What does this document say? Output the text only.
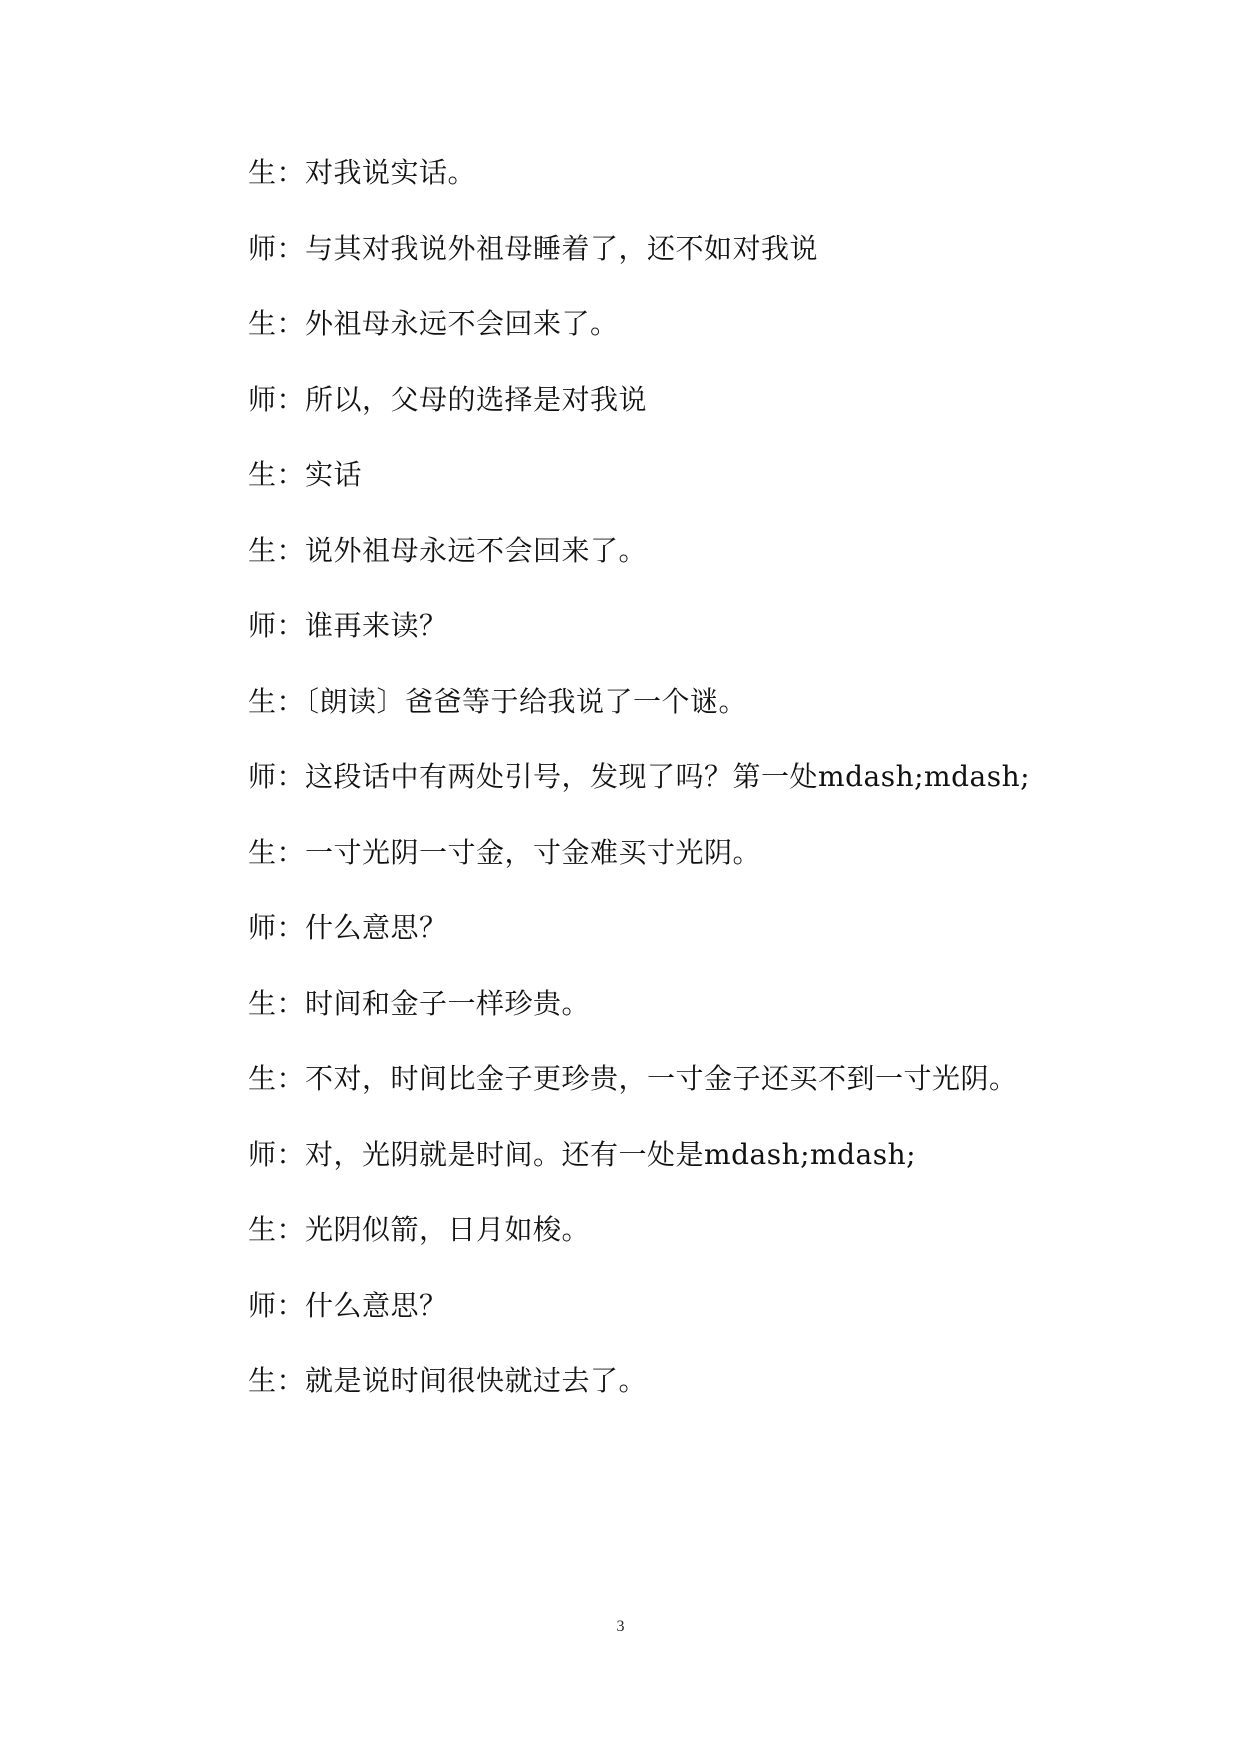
生：对我说实话。
师：与其对我说外祖母睡着了，还不如对我说
生：外祖母永远不会回来了。
师：所以，父母的选择是对我说
生：实话
生：说外祖母永远不会回来了。
师：谁再来读？
生：〔朗读〕爸爸等于给我说了一个谜。
师：这段话中有两处引号，发现了吗？第一处mdash;mdash;
生：一寸光阴一寸金，寸金难买寸光阴。
师：什么意思？
生：时间和金子一样珍贵。
生：不对，时间比金子更珍贵，一寸金子还买不到一寸光阴。
师：对，光阴就是时间。还有一处是mdash;mdash;
生：光阴似箭，日月如梭。
师：什么意思？
生：就是说时间很快就过去了。
3
